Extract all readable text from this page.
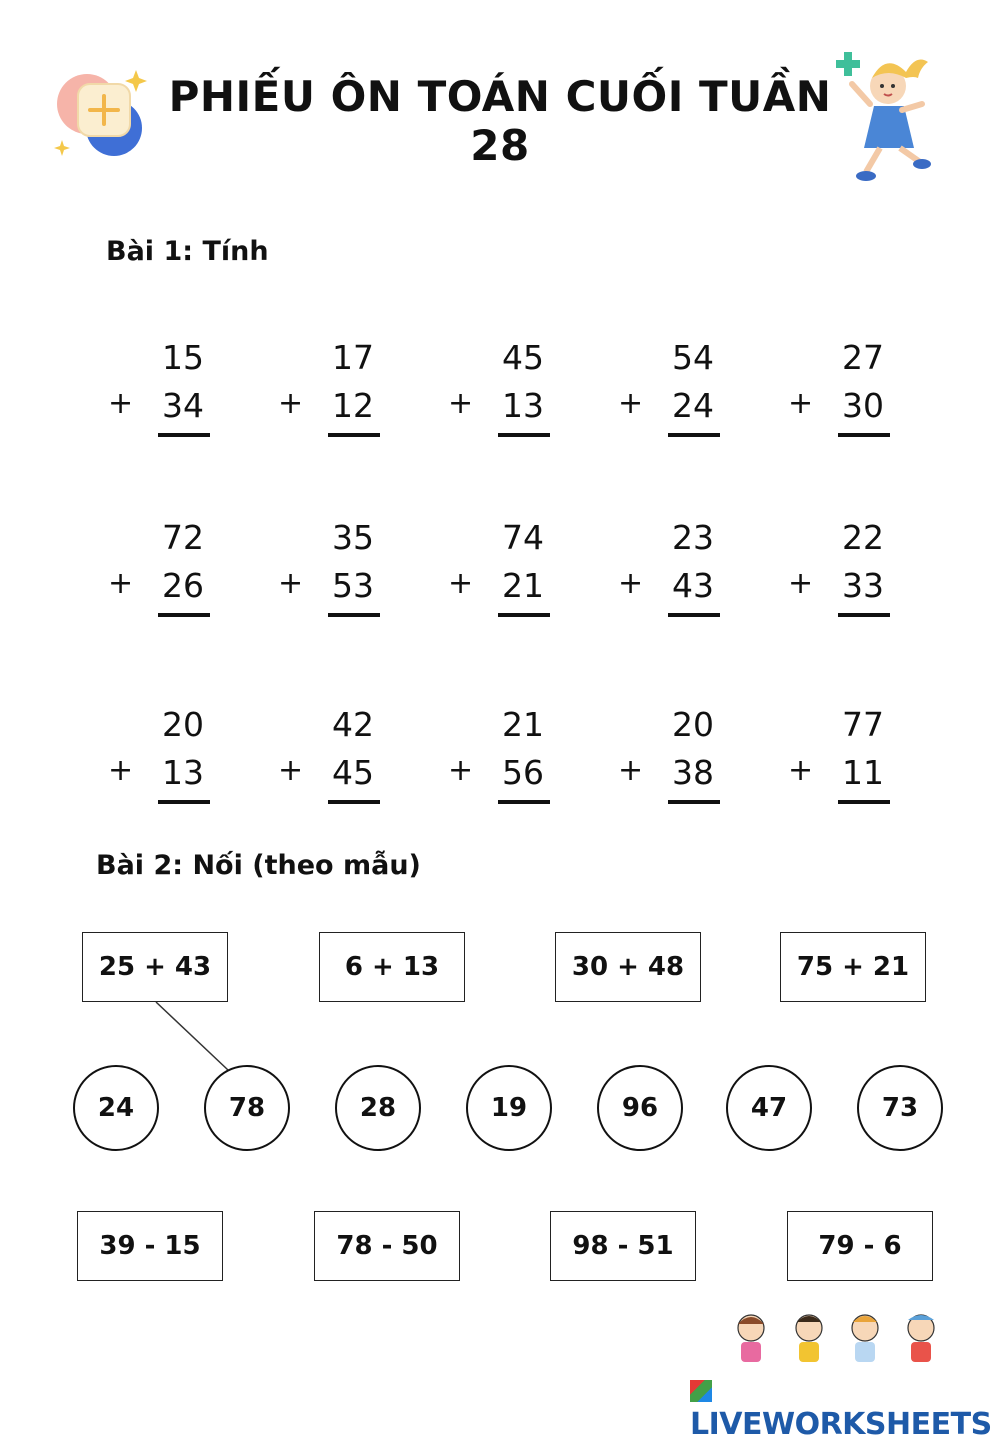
PHIẾU ÔN TOÁN CUỐI TUẦN 28
Bài 1: Tính
15
+ 34
17
+ 12
45
+ 13
54
+ 24
27
+ 30
72
+ 26
35
+ 53
74
+ 21
23
+ 43
22
+ 33
20
+ 13
42
+ 45
21
+ 56
20
+ 38
77
+ 11
Bài 2: Nối (theo mẫu)
25 + 43	6 + 13	30 + 48	75 + 21
24	78	28	19	96	47	73
39 - 15	78 - 50	98 - 51	79 - 6
LIVEWORKSHEETS
